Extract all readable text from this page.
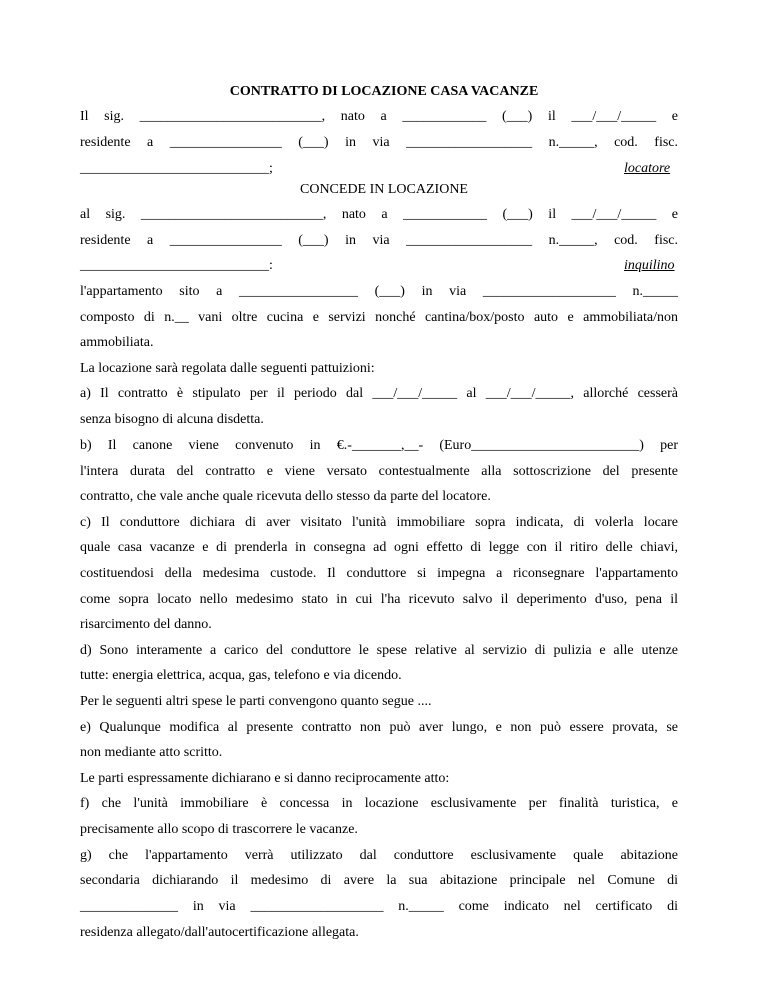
CONTRATTO DI LOCAZIONE CASA VACANZE
Il sig. __________________________, nato a ____________ (___) il ___/___/_____ e
residente a ________________ (___) in via __________________ n._____, cod. fisc.
___________________________;	locatore
CONCEDE IN LOCAZIONE
al sig. __________________________, nato a ____________ (___) il ___/___/_____ e
residente a ________________ (___) in via __________________ n._____, cod. fisc.
___________________________:	inquilino
l'appartamento sito a _________________ (___) in via ___________________ n._____
composto di n.__ vani oltre cucina e servizi nonché cantina/box/posto auto e ammobiliata/non
ammobiliata.
La locazione sarà regolata dalle seguenti pattuizioni:
a) Il contratto è stipulato per il periodo dal ___/___/_____ al ___/___/_____, allorché cesserà
senza bisogno di alcuna disdetta.
b) Il canone viene convenuto in €.-_______,__- (Euro________________________) per
l'intera durata del contratto e viene versato contestualmente alla sottoscrizione del presente
contratto, che vale anche quale ricevuta dello stesso da parte del locatore.
c) Il conduttore dichiara di aver visitato l'unità immobiliare sopra indicata, di volerla locare
quale casa vacanze e di prenderla in consegna ad ogni effetto di legge con il ritiro delle chiavi,
costituendosi della medesima custode. Il conduttore si impegna a riconsegnare l'appartamento
come sopra locato nello medesimo stato in cui l'ha ricevuto salvo il deperimento d'uso, pena il
risarcimento del danno.
d) Sono interamente a carico del conduttore le spese relative al servizio di pulizia e alle utenze
tutte: energia elettrica, acqua, gas, telefono e via dicendo.
Per le seguenti altri spese le parti convengono quanto segue ....
e) Qualunque modifica al presente contratto non può aver lungo, e non può essere provata, se
non mediante atto scritto.
Le parti espressamente dichiarano e si danno reciprocamente atto:
f) che l'unità immobiliare è concessa in locazione esclusivamente per finalità turistica, e
precisamente allo scopo di trascorrere le vacanze.
g) che l'appartamento verrà utilizzato dal conduttore esclusivamente quale abitazione
secondaria dichiarando il medesimo di avere la sua abitazione principale nel Comune di
______________ in via ___________________ n._____ come indicato nel certificato di
residenza allegato/dall'autocertificazione allegata.
